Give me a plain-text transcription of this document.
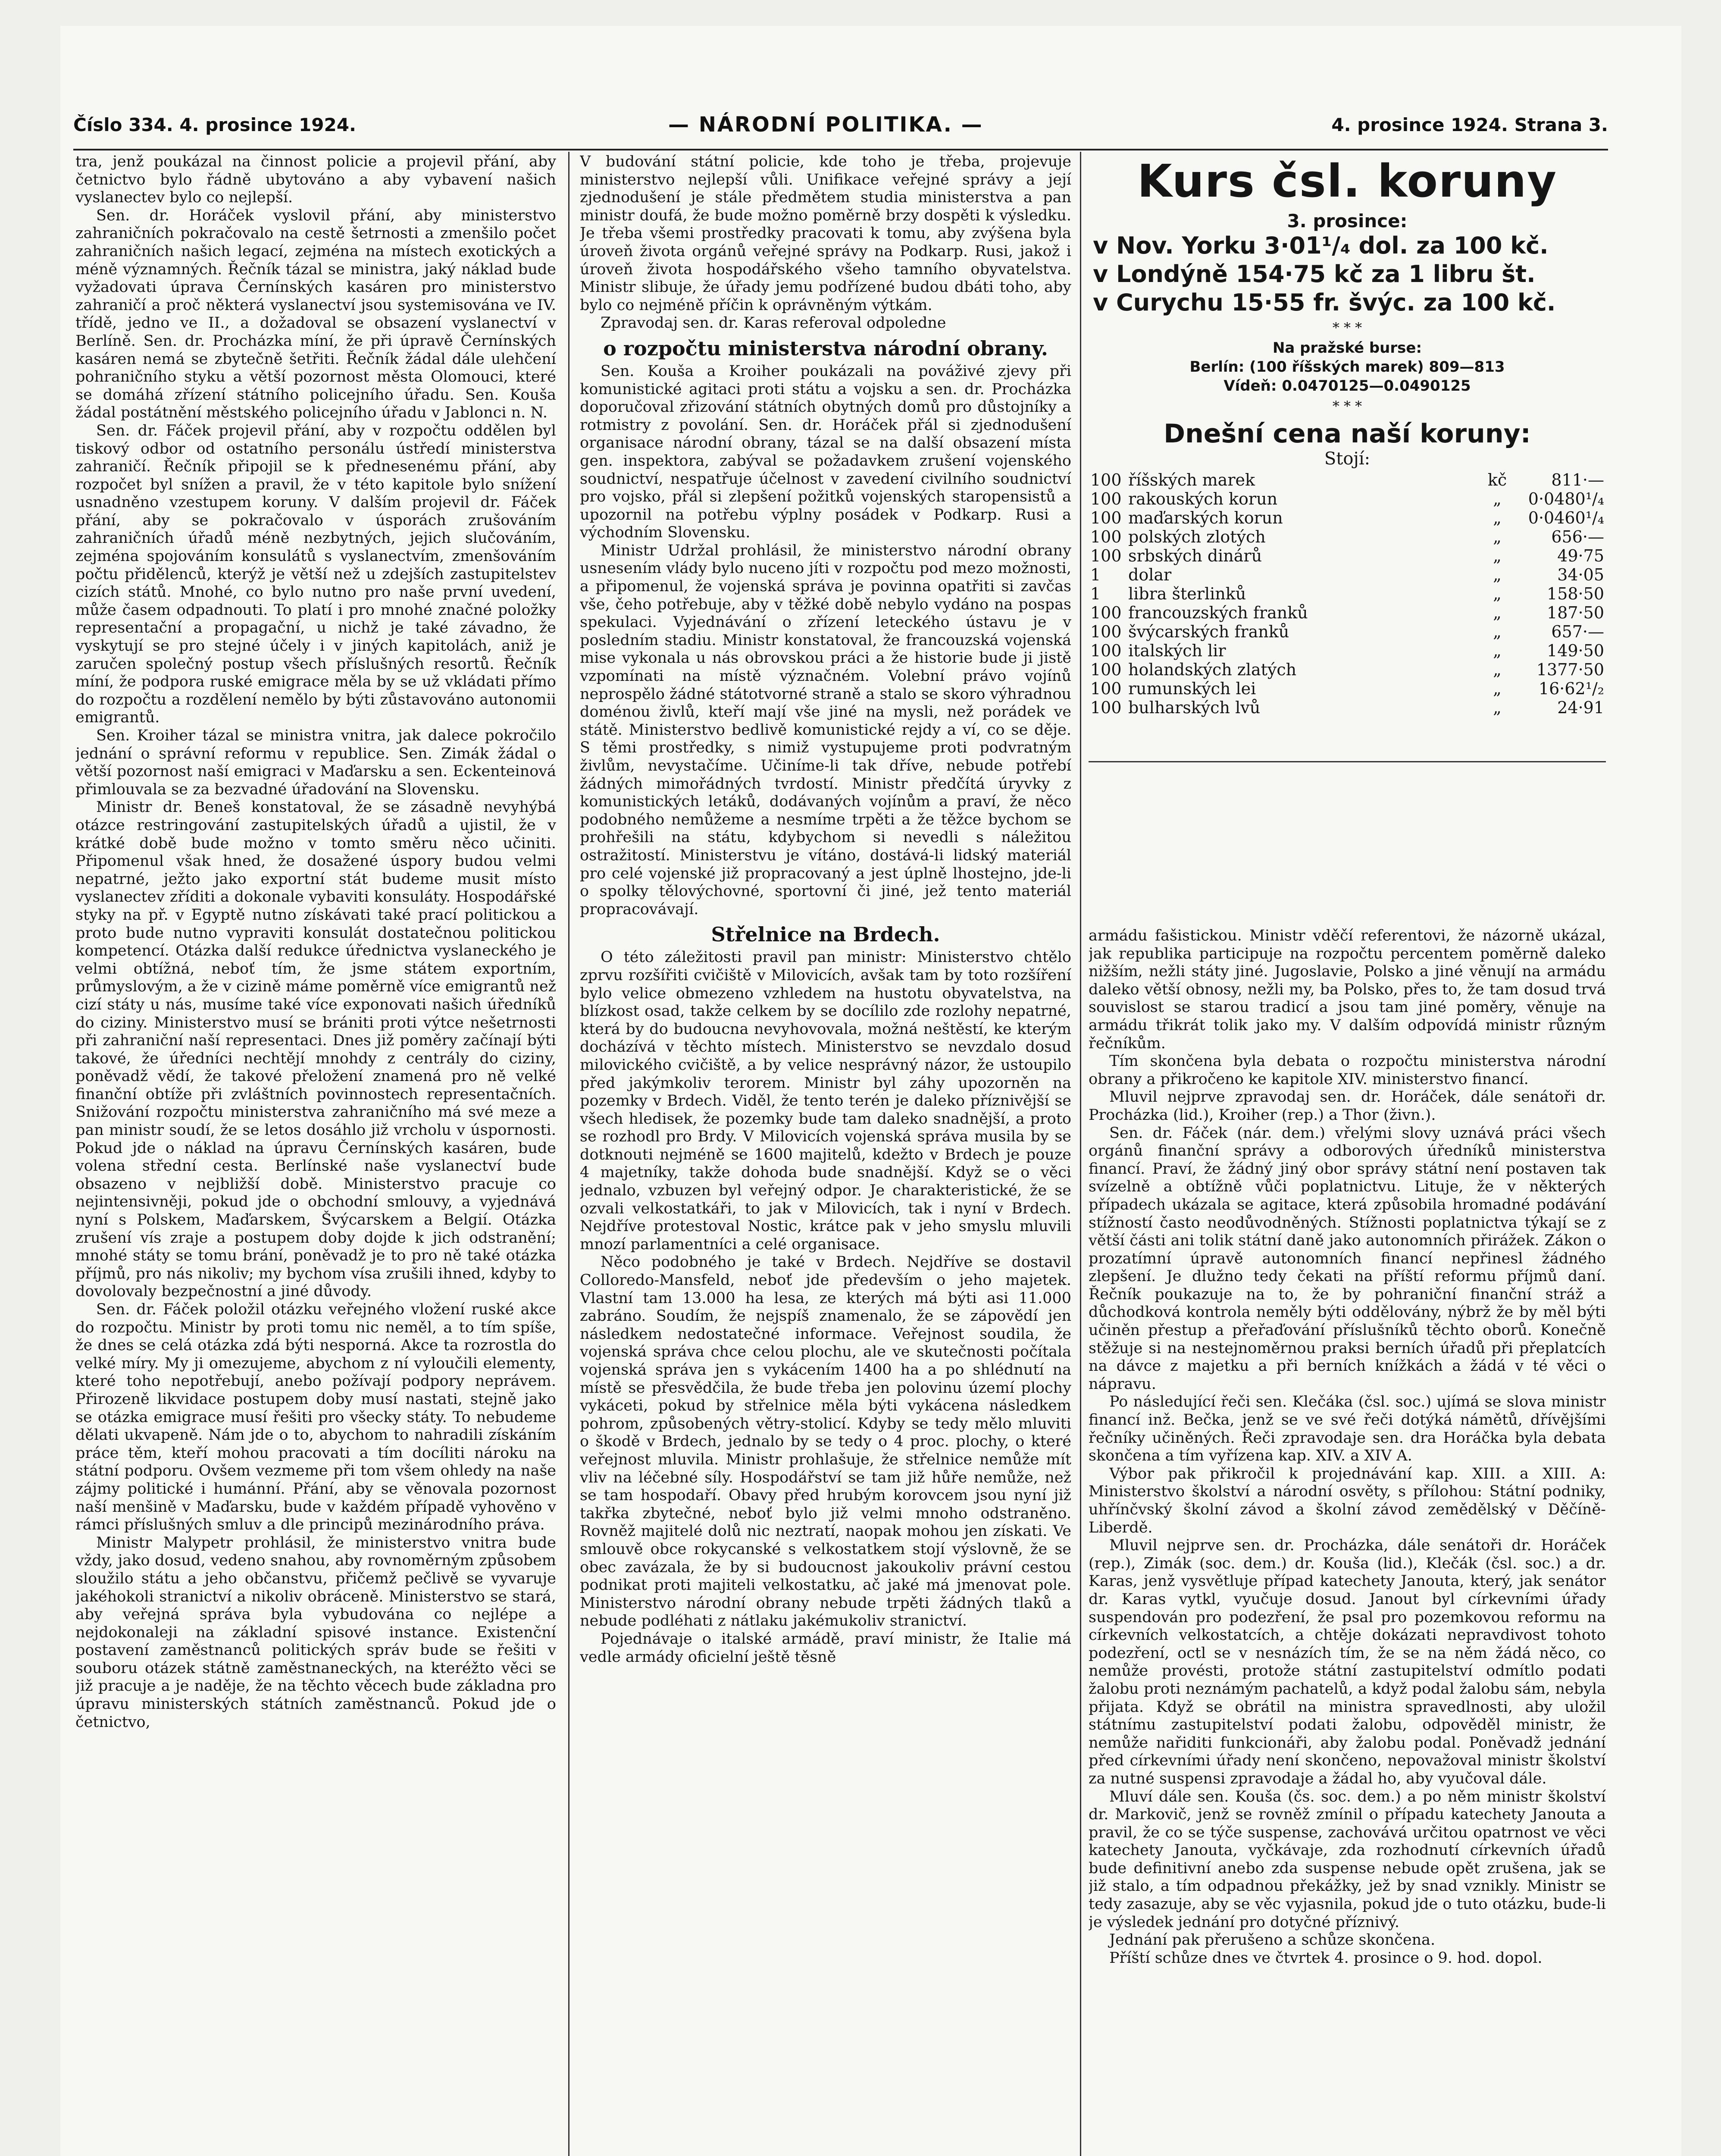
Číslo 334. 4. prosince 1924.	— NÁRODNÍ POLITIKA. —	4. prosince 1924. Strana 3.

tra, jenž poukázal na činnost policie a projevil přání, aby četnictvo bylo řádně ubytováno a aby vybavení našich vyslanectev bylo co nejlepší.

Sen. dr. Horáček vyslovil přání, aby ministerstvo zahraničních pokračovalo na cestě šetrnosti a zmenšilo počet zahraničních našich legací, zejména na místech exotických a méně významných. Řečník tázal se ministra, jaký náklad bude vyžadovati úprava Černínských kasáren pro ministerstvo zahraničí a proč některá vyslanectví jsou systemisována ve IV. třídě, jedno ve II., a dožadoval se obsazení vyslanectví v Berlíně. Sen. dr. Procházka míní, že při úpravě Černínských kasáren nemá se zbytečně šetřiti. Řečník žádal dále ulehčení pohraničního styku a větší pozornost města Olomouci, které se domáhá zřízení státního policejního úřadu. Sen. Kouša žádal postátnění městského policejního úřadu v Jablonci n. N.

Sen. dr. Fáček projevil přání, aby v rozpočtu oddělen byl tiskový odbor od ostatního personálu ústředí ministerstva zahraničí. Řečník připojil se k přednesenému přání, aby rozpočet byl snížen a pravil, že v této kapitole bylo snížení usnadněno vzestupem koruny. V dalším projevil dr. Fáček přání, aby se pokračovalo v úsporách zrušováním zahraničních úřadů méně nezbytných, jejich slučováním, zejména spojováním konsulátů s vyslanectvím, zmenšováním počtu přidělenců, kterýž je větší než u zdejších zastupitelstev cizích států. Mnohé, co bylo nutno pro naše první uvedení, může časem odpadnouti. To platí i pro mnohé značné položky representační a propagační, u nichž je také závadno, že vyskytují se pro stejné účely i v jiných kapitolách, aniž je zaručen společný postup všech příslušných resortů. Řečník míní, že podpora ruské emigrace měla by se už vkládati přímo do rozpočtu a rozdělení nemělo by býti zůstavováno autonomii emigrantů.

Sen. Kroiher tázal se ministra vnitra, jak dalece pokročilo jednání o správní reformu v republice. Sen. Zimák žádal o větší pozornost naší emigraci v Maďarsku a sen. Eckenteinová přimlouvala se za bezvadné úřadování na Slovensku.

Ministr dr. Beneš konstatoval, že se zásadně nevyhýbá otázce restringování zastupitelských úřadů a ujistil, že v krátké době bude možno v tomto směru něco učiniti. Připomenul však hned, že dosažené úspory budou velmi nepatrné, ježto jako exportní stát budeme musit místo vyslanectev zříditi a dokonale vybaviti konsuláty. Hospodářské styky na př. v Egyptě nutno získávati také prací politickou a proto bude nutno vypraviti konsulát dostatečnou politickou kompetencí. Otázka další redukce úřednictva vyslaneckého je velmi obtížná, neboť tím, že jsme státem exportním, průmyslovým, a že v cizině máme poměrně více emigrantů než cizí státy u nás, musíme také více exponovati našich úředníků do ciziny. Ministerstvo musí se brániti proti výtce nešetrnosti při zahraniční naší representaci. Dnes již poměry začínají býti takové, že úředníci nechtějí mnohdy z centrály do ciziny, poněvadž vědí, že takové přeložení znamená pro ně velké finanční obtíže při zvláštních povinnostech representačních. Snižování rozpočtu ministerstva zahraničního má své meze a pan ministr soudí, že se letos dosáhlo již vrcholu v úspornosti. Pokud jde o náklad na úpravu Černínských kasáren, bude volena střední cesta. Berlínské naše vyslanectví bude obsazeno v nejbližší době. Ministerstvo pracuje co nejintensivněji, pokud jde o obchodní smlouvy, a vyjednává nyní s Polskem, Maďarskem, Švýcarskem a Belgií. Otázka zrušení vís zraje a postupem doby dojde k jich odstranění; mnohé státy se tomu brání, poněvadž je to pro ně také otázka příjmů, pro nás nikoliv; my bychom vísa zrušili ihned, kdyby to dovolovaly bezpečnostní a jiné důvody.

Sen. dr. Fáček položil otázku veřejného vložení ruské akce do rozpočtu. Ministr by proti tomu nic neměl, a to tím spíše, že dnes se celá otázka zdá býti nesporná. Akce ta rozrostla do velké míry. My ji omezujeme, abychom z ní vyloučili elementy, které toho nepotřebují, anebo požívají podpory neprávem. Přirozeně likvidace postupem doby musí nastati, stejně jako se otázka emigrace musí řešiti pro všecky státy. To nebudeme dělati ukvapeně. Nám jde o to, abychom to nahradili získáním práce těm, kteří mohou pracovati a tím docíliti nároku na státní podporu. Ovšem vezmeme při tom všem ohledy na naše zájmy politické i humánní. Přání, aby se věnovala pozornost naší menšině v Maďarsku, bude v každém případě vyhověno v rámci příslušných smluv a dle principů mezinárodního práva.

Ministr Malypetr prohlásil, že ministerstvo vnitra bude vždy, jako dosud, vedeno snahou, aby rovnoměrným způsobem sloužilo státu a jeho občanstvu, přičemž pečlivě se vyvaruje jakéhokoli stranictví a nikoliv obráceně. Ministerstvo se stará, aby veřejná správa byla vybudována co nejlépe a nejdokonaleji na základní spisové instance. Existenční postavení zaměstnanců politických správ bude se řešiti v souboru otázek státně zaměstnaneckých, na kteréžto věci se již pracuje a je naděje, že na těchto věcech bude základna pro úpravu ministerských státních zaměstnanců. Pokud jde o četnictvo,

V budování státní policie, kde toho je třeba, projevuje ministerstvo nejlepší vůli. Unifikace veřejné správy a její zjednodušení je stále předmětem studia ministerstva a pan ministr doufá, že bude možno poměrně brzy dospěti k výsledku. Je třeba všemi prostředky pracovati k tomu, aby zvýšena byla úroveň života orgánů veřejné správy na Podkarp. Rusi, jakož i úroveň života hospodářského všeho tamního obyvatelstva. Ministr slibuje, že úřady jemu podřízené budou dbáti toho, aby bylo co nejméně příčin k oprávněným výtkám.

Zpravodaj sen. dr. Karas referoval odpoledne

o rozpočtu ministerstva národní obrany.

Sen. Kouša a Kroiher poukázali na pováživé zjevy při komunistické agitaci proti státu a vojsku a sen. dr. Procházka doporučoval zřizování státních obytných domů pro důstojníky a rotmistry z povolání. Sen. dr. Horáček přál si zjednodušení organisace národní obrany, tázal se na další obsazení místa gen. inspektora, zabýval se požadavkem zrušení vojenského soudnictví, nespatřuje účelnost v zavedení civilního soudnictví pro vojsko, přál si zlepšení požitků vojenských staropensistů a upozornil na potřebu výplny posádek v Podkarp. Rusi a východním Slovensku.

Ministr Udržal prohlásil, že ministerstvo národní obrany usnesením vlády bylo nuceno jíti v rozpočtu pod mezo možnosti, a připomenul, že vojenská správa je povinna opatřiti si zavčas vše, čeho potřebuje, aby v těžké době nebylo vydáno na pospas spekulaci. Vyjednávání o zřízení leteckého ústavu je v posledním stadiu. Ministr konstatoval, že francouzská vojenská mise vykonala u nás obrovskou práci a že historie bude ji jistě vzpomínati na místě význačném. Volební právo vojínů neprospělo žádné státotvorné straně a stalo se skoro výhradnou doménou živlů, kteří mají vše jiné na mysli, než porádek ve státě. Ministerstvo bedlivě komunistické rejdy a ví, co se děje. S těmi prostředky, s nimiž vystupujeme proti podvratným živlům, nevystačíme. Učiníme-li tak dříve, nebude potřebí žádných mimořádných tvrdostí. Ministr předčítá úryvky z komunistických letáků, dodávaných vojínům a praví, že něco podobného nemůžeme a nesmíme trpěti a že těžce bychom se prohřešili na státu, kdybychom si nevedli s náležitou ostražitostí. Ministerstvu je vítáno, dostává-li lidský materiál pro celé vojenské již propracovaný a jest úplně lhostejno, jde-li o spolky tělovýchovné, sportovní či jiné, jež tento materiál propracovávají.

Střelnice na Brdech.

O této záležitosti pravil pan ministr: Ministerstvo chtělo zprvu rozšířiti cvičiště v Milovicích, avšak tam by toto rozšíření bylo velice obmezeno vzhledem na hustotu obyvatelstva, na blízkost osad, takže celkem by se docílilo zde rozlohy nepatrné, která by do budoucna nevyhovovala, možná neštěstí, ke kterým docházívá v těchto místech. Ministerstvo se nevzdalo dosud milovického cvičiště, a by velice nesprávný názor, že ustoupilo před jakýmkoliv terorem. Ministr byl záhy upozorněn na pozemky v Brdech. Viděl, že tento terén je daleko příznivější se všech hledisek, že pozemky bude tam daleko snadnější, a proto se rozhodl pro Brdy. V Milovicích vojenská správa musila by se dotknouti nejméně se 1600 majitelů, kdežto v Brdech je pouze 4 majetníky, takže dohoda bude snadnější. Když se o věci jednalo, vzbuzen byl veřejný odpor. Je charakteristické, že se ozvali velkostatkáři, to jak v Milovicích, tak i nyní v Brdech. Nejdříve protestoval Nostic, krátce pak v jeho smyslu mluvili mnozí parlamentníci a celé organisace.

Něco podobného je také v Brdech. Nejdříve se dostavil Colloredo-Mansfeld, neboť jde především o jeho majetek. Vlastní tam 13.000 ha lesa, ze kterých má býti asi 11.000 zabráno. Soudím, že nejspíš znamenalo, že se zápovědí jen následkem nedostatečné informace. Veřejnost soudila, že vojenská správa chce celou plochu, ale ve skutečnosti počítala vojenská správa jen s vykácením 1400 ha a po shlédnutí na místě se přesvědčila, že bude třeba jen polovinu území plochy vykáceti, pokud by střelnice měla býti vykácena následkem pohrom, způsobených větry-stolicí. Kdyby se tedy mělo mluviti o škodě v Brdech, jednalo by se tedy o 4 proc. plochy, o které veřejnost mluvila. Ministr prohlašuje, že střelnice nemůže mít vliv na léčebné síly. Hospodářství se tam již hůře nemůže, než se tam hospodaří. Obavy před hrubým korovcem jsou nyní již takřka zbytečné, neboť bylo již velmi mnoho odstraněno. Rovněž majitelé dolů nic neztratí, naopak mohou jen získati. Ve smlouvě obce rokycanské s velkostatkem stojí výslovně, že se obec zavázala, že by si budoucnost jakoukoliv právní cestou podnikat proti majiteli velkostatku, ač jaké má jmenovat pole. Ministerstvo národní obrany nebude trpěti žádných tlaků a nebude podléhati z nátlaku jakémukoliv stranictví.

Pojednávaje o italské armádě, praví ministr, že Italie má vedle armády oficielní ještě těsně

Kurs čsl. koruny
3. prosince:
v Nov. Yorku 3·01¹/₄ dol. za 100 kč.
v Londýně 154·75 kč za 1 libru št.
v Curychu 15·55 fr. švýc. za 100 kč.
* * *
Na pražské burse:
Berlín: (100 říšských marek) 809—813
Vídeň: 0.0470125—0.0490125
* * *
Dnešní cena naší koruny:
Stojí:
100	říšských marek	kč	811·—
100	rakouských korun	„	0·0480¹/₄
100	maďarských korun	„	0·0460¹/₄
100	polských zlotých	„	656·—
100	srbských dinárů	„	49·75
1	dolar	„	34·05
1	libra šterlinků	„	158·50
100	francouzských franků	„	187·50
100	švýcarských franků	„	657·—
100	italských lir	„	149·50
100	holandských zlatých	„	1377·50
100	rumunských lei	„	16·62¹/₂
100	bulharských lvů	„	24·91

armádu fašistickou. Ministr vděčí referentovi, že názorně ukázal, jak republika participuje na rozpočtu percentem poměrně daleko nižším, nežli státy jiné. Jugoslavie, Polsko a jiné věnují na armádu daleko větší obnosy, nežli my, ba Polsko, přes to, že tam dosud trvá souvislost se starou tradicí a jsou tam jiné poměry, věnuje na armádu třikrát tolik jako my. V dalším odpovídá ministr různým řečníkům.

Tím skončena byla debata o rozpočtu ministerstva národní obrany a přikročeno ke kapitole XIV. ministerstvo financí.

Mluvil nejprve zpravodaj sen. dr. Horáček, dále senátoři dr. Procházka (lid.), Kroiher (rep.) a Thor (živn.).

Sen. dr. Fáček (nár. dem.) vřelými slovy uznává práci všech orgánů finanční správy a odborových úředníků ministerstva financí. Praví, že žádný jiný obor správy státní není postaven tak svízelně a obtížně vůči poplatnictvu. Lituje, že v některých případech ukázala se agitace, která způsobila hromadné podávání stížností často neodůvodněných. Stížnosti poplatnictva týkají se z větší části ani tolik státní daně jako autonomních přirážek. Zákon o prozatímní úpravě autonomních financí nepřinesl žádného zlepšení. Je dlužno tedy čekati na příští reformu příjmů daní. Řečník poukazuje na to, že by pohraniční finanční stráž a důchodková kontrola neměly býti oddělovány, nýbrž že by měl býti učiněn přestup a přeřaďování příslušníků těchto oborů. Konečně stěžuje si na nestejnoměrnou praksi berních úřadů při přeplatcích na dávce z majetku a při berních knížkách a žádá v té věci o nápravu.

Po následující řeči sen. Klečáka (čsl. soc.) ujímá se slova ministr financí inž. Bečka, jenž se ve své řeči dotýká námětů, dřívějšími řečníky učiněných. Řeči zpravodaje sen. dra Horáčka byla debata skončena a tím vyřízena kap. XIV. a XIV A.

Výbor pak přikročil k projednávání kap. XIII. a XIII. A: Ministerstvo školství a národní osvěty, s přílohou: Státní podniky, uhřínčvský školní závod a školní závod zemědělský v Děčíně-Liberdě.

Mluvil nejprve sen. dr. Procházka, dále senátoři dr. Horáček (rep.), Zimák (soc. dem.) dr. Kouša (lid.), Klečák (čsl. soc.) a dr. Karas, jenž vysvětluje případ katechety Janouta, který, jak senátor dr. Karas vytkl, vyučuje dosud. Janout byl církevními úřady suspendován pro podezření, že psal pro pozemkovou reformu na církevních velkostatcích, a chtěje dokázati nepravdivost tohoto podezření, octl se v nesnázích tím, že se na něm žádá něco, co nemůže provésti, protože státní zastupitelství odmítlo podati žalobu proti neznámým pachatelů, a když podal žalobu sám, nebyla přijata. Když se obrátil na ministra spravedlnosti, aby uložil státnímu zastupitelství podati žalobu, odpověděl ministr, že nemůže nařiditi funkcionáři, aby žalobu podal. Poněvadž jednání před církevními úřady není skončeno, nepovažoval ministr školství za nutné suspensi zpravodaje a žádal ho, aby vyučoval dále.

Mluví dále sen. Kouša (čs. soc. dem.) a po něm ministr školství dr. Markovič, jenž se rovněž zmínil o případu katechety Janouta a pravil, že co se týče suspense, zachovává určitou opatrnost ve věci katechety Janouta, vyčkávaje, zda rozhodnutí církevních úřadů bude definitivní anebo zda suspense nebude opět zrušena, jak se již stalo, a tím odpadnou překážky, jež by snad vznikly. Ministr se tedy zasazuje, aby se věc vyjasnila, pokud jde o tuto otázku, bude-li je výsledek jednání pro dotyčné příznivý.

Jednání pak přerušeno a schůze skončena.

Příští schůze dnes ve čtvrtek 4. prosince o 9. hod. dopol.
